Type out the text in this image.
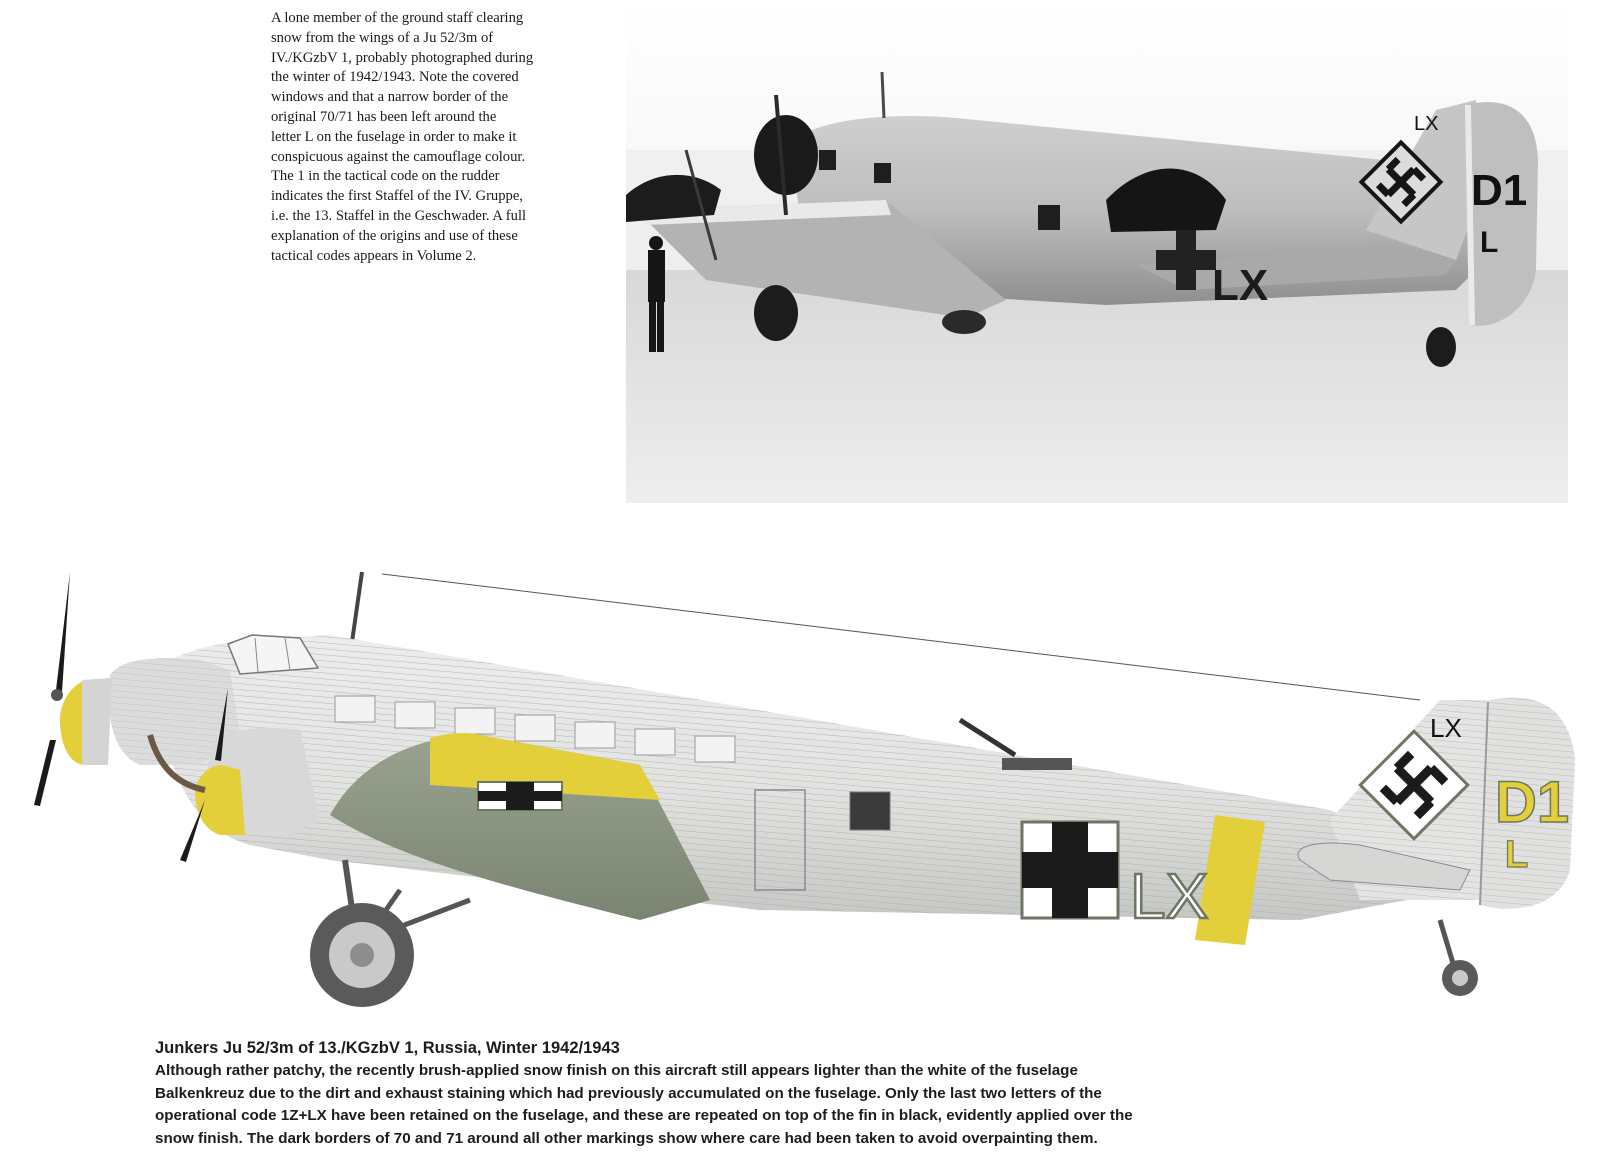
A lone member of the ground staff clearing
snow from the wings of a Ju 52/3m of
IV./KGzbV 1, probably photographed during
the winter of 1942/1943. Note the covered
windows and that a narrow border of the
original 70/71 has been left around the
letter L on the fuselage in order to make it
conspicuous against the camouflage colour.
The 1 in the tactical code on the rudder
indicates the first Staffel of the IV. Gruppe,
i.e. the 13. Staffel in the Geschwader. A full
explanation of the origins and use of these
tactical codes appears in Volume 2.

LX
D1
L
LX
LX
LX
D1
L

Junkers Ju 52/3m of 13./KGzbV 1, Russia, Winter 1942/1943

Although rather patchy, the recently brush-applied snow finish on this aircraft still appears lighter than the white of the fuselage
Balkenkreuz due to the dirt and exhaust staining which had previously accumulated on the fuselage. Only the last two letters of the
operational code 1Z+LX have been retained on the fuselage, and these are repeated on top of the fin in black, evidently applied over the
snow finish. The dark borders of 70 and 71 around all other markings show where care had been taken to avoid overpainting them.
